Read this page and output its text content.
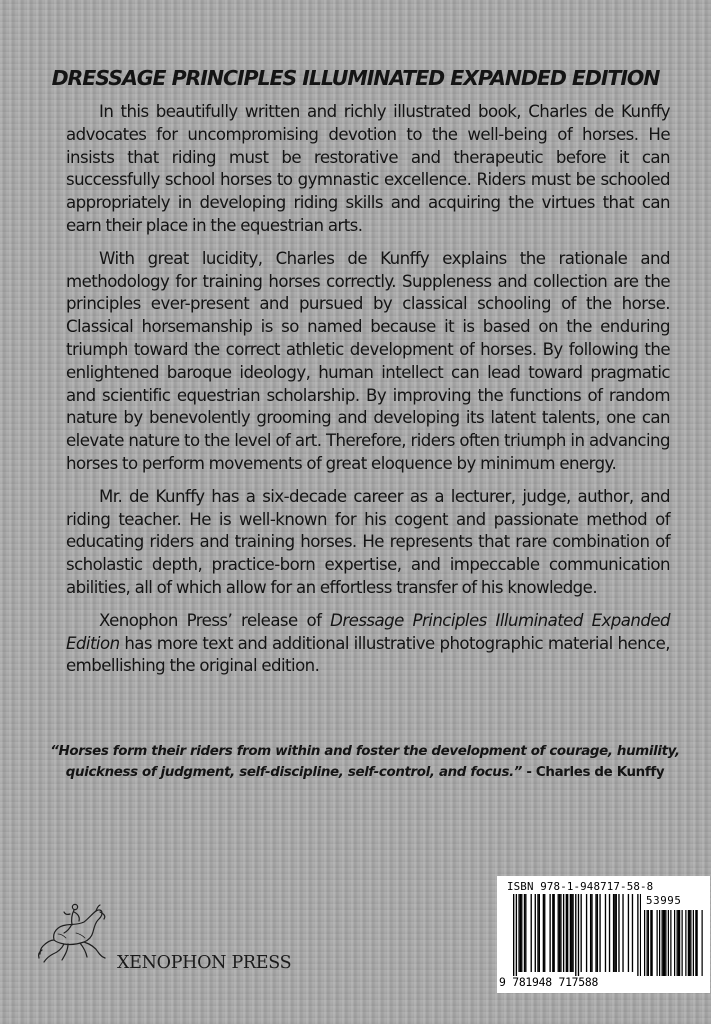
DRESSAGE PRINCIPLES ILLUMINATED EXPANDED EDITION

In this beautifully written and richly illustrated book, Charles de Kunffy advocates for uncompromising devotion to the well-being of horses. He insists that riding must be restorative and therapeutic before it can successfully school horses to gymnastic excellence. Riders must be schooled appropriately in developing riding skills and acquiring the virtues that can earn their place in the equestrian arts.

With great lucidity, Charles de Kunffy explains the rationale and methodology for training horses correctly. Suppleness and collection are the principles ever-present and pursued by classical schooling of the horse. Classical horsemanship is so named because it is based on the enduring triumph toward the correct athletic development of horses. By following the enlightened baroque ideology, human intellect can lead toward pragmatic and scientific equestrian scholarship. By improving the functions of random nature by benevolently grooming and developing its latent talents, one can elevate nature to the level of art. Therefore, riders often triumph in advancing horses to perform movements of great eloquence by minimum energy.

Mr. de Kunffy has a six-decade career as a lecturer, judge, author, and riding teacher. He is well-known for his cogent and passionate method of educating riders and training horses. He represents that rare combination of scholastic depth, practice-born expertise, and impeccable communication abilities, all of which allow for an effortless transfer of his knowledge.

Xenophon Press’ release of Dressage Principles Illuminated Expanded Edition has more text and additional illustrative photographic material hence, embellishing the original edition.

“Horses form their riders from within and foster the development of courage, humility, quickness of judgment, self-discipline, self-control, and focus.” - Charles de Kunffy

XENOPHON PRESS

ISBN 978-1-948717-58-8
53995
9 781948 717588
